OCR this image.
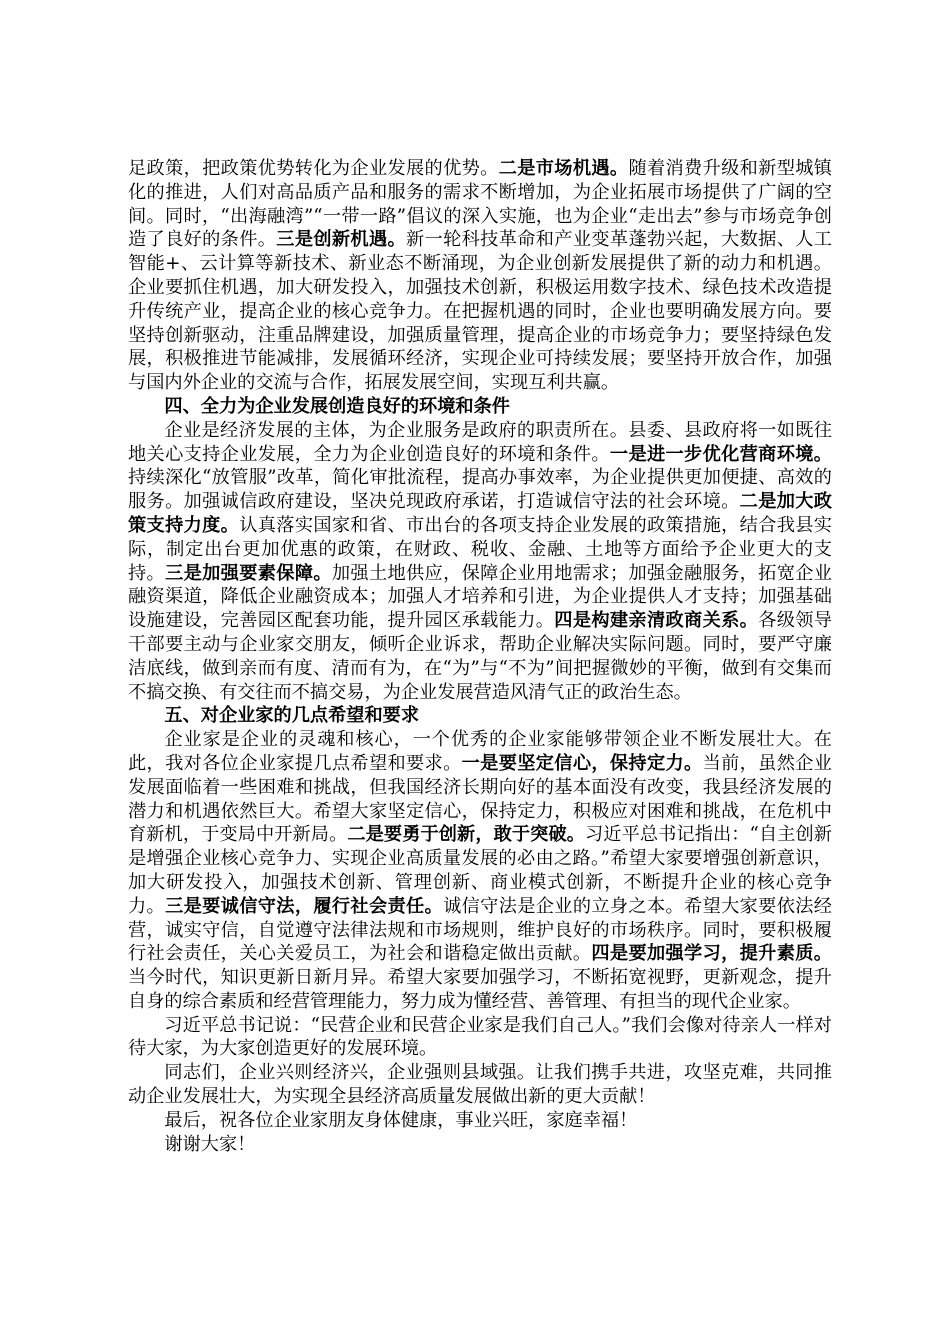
足政策，把政策优势转化为企业发展的优势。二是市场机遇。随着消费升级和新型城镇化的推进，人们对高品质产品和服务的需求不断增加，为企业拓展市场提供了广阔的空间。同时，“出海融湾”“一带一路”倡议的深入实施，也为企业“走出去”参与市场竞争创造了良好的条件。三是创新机遇。新一轮科技革命和产业变革蓬勃兴起，大数据、人工智能+、云计算等新技术、新业态不断涌现，为企业创新发展提供了新的动力和机遇。企业要抓住机遇，加大研发投入，加强技术创新，积极运用数字技术、绿色技术改造提升传统产业，提高企业的核心竞争力。在把握机遇的同时，企业也要明确发展方向。要坚持创新驱动，注重品牌建设，加强质量管理，提高企业的市场竞争力；要坚持绿色发展，积极推进节能减排，发展循环经济，实现企业可持续发展；要坚持开放合作，加强与国内外企业的交流与合作，拓展发展空间，实现互利共赢。

四、全力为企业发展创造良好的环境和条件

企业是经济发展的主体，为企业服务是政府的职责所在。县委、县政府将一如既往地关心支持企业发展，全力为企业创造良好的环境和条件。一是进一步优化营商环境。持续深化“放管服”改革，简化审批流程，提高办事效率，为企业提供更加便捷、高效的服务。加强诚信政府建设，坚决兑现政府承诺，打造诚信守法的社会环境。二是加大政策支持力度。认真落实国家和省、市出台的各项支持企业发展的政策措施，结合我县实际，制定出台更加优惠的政策，在财政、税收、金融、土地等方面给予企业更大的支持。三是加强要素保障。加强土地供应，保障企业用地需求；加强金融服务，拓宽企业融资渠道，降低企业融资成本；加强人才培养和引进，为企业提供人才支持；加强基础设施建设，完善园区配套功能，提升园区承载能力。四是构建亲清政商关系。各级领导干部要主动与企业家交朋友，倾听企业诉求，帮助企业解决实际问题。同时，要严守廉洁底线，做到亲而有度、清而有为，在“为”与“不为”间把握微妙的平衡，做到有交集而不搞交换、有交往而不搞交易，为企业发展营造风清气正的政治生态。

五、对企业家的几点希望和要求

企业家是企业的灵魂和核心，一个优秀的企业家能够带领企业不断发展壮大。在此，我对各位企业家提几点希望和要求。一是要坚定信心，保持定力。当前，虽然企业发展面临着一些困难和挑战，但我国经济长期向好的基本面没有改变，我县经济发展的潜力和机遇依然巨大。希望大家坚定信心，保持定力，积极应对困难和挑战，在危机中育新机，于变局中开新局。二是要勇于创新，敢于突破。习近平总书记指出：“自主创新是增强企业核心竞争力、实现企业高质量发展的必由之路。”希望大家要增强创新意识，加大研发投入，加强技术创新、管理创新、商业模式创新，不断提升企业的核心竞争力。三是要诚信守法，履行社会责任。诚信守法是企业的立身之本。希望大家要依法经营，诚实守信，自觉遵守法律法规和市场规则，维护良好的市场秩序。同时，要积极履行社会责任，关心关爱员工，为社会和谐稳定做出贡献。四是要加强学习，提升素质。当今时代，知识更新日新月异。希望大家要加强学习，不断拓宽视野，更新观念，提升自身的综合素质和经营管理能力，努力成为懂经营、善管理、有担当的现代企业家。

习近平总书记说：“民营企业和民营企业家是我们自己人。”我们会像对待亲人一样对待大家，为大家创造更好的发展环境。

同志们，企业兴则经济兴，企业强则县域强。让我们携手共进，攻坚克难，共同推动企业发展壮大，为实现全县经济高质量发展做出新的更大贡献！

最后，祝各位企业家朋友身体健康，事业兴旺，家庭幸福！

谢谢大家！
